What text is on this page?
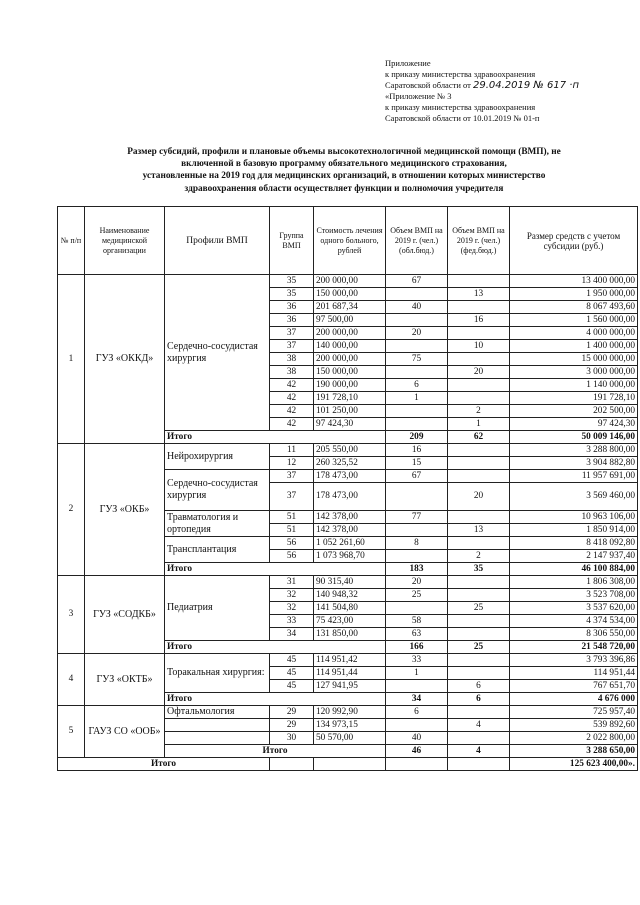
Приложение
к приказу министерства здравоохранения
Саратовской области от 29.04.2019 № 617 ·п
«Приложение № 3
к приказу министерства здравоохранения
Саратовской области от 10.01.2019 № 01-п
Размер субсидий, профили и плановые объемы высокотехнологичной медицинской помощи (ВМП), не
включенной в базовую программу обязательного медицинского страхования,
установленные на 2019 год для медицинских организаций, в отношении которых министерство
здравоохранения области осуществляет функции и полномочия учредителя
№ п/п	Наименование медицинской организации	Профили ВМП	Группа ВМП	Стоимость лечения одного больного, рублей	Объем ВМП на 2019 г. (чел.) (обл.бюд.)	Объем ВМП на 2019 г. (чел.) (фед.бюд.)	Размер средств с учетом субсидии (руб.)
1	ГУЗ «ОККД»	Сердечно-сосудистая хирургия	35	200 000,00	67		13 400 000,00
			35	150 000,00		13	1 950 000,00
			36	201 687,34	40		8 067 493,60
			36	97 500,00		16	1 560 000,00
			37	200 000,00	20		4 000 000,00
			37	140 000,00		10	1 400 000,00
			38	200 000,00	75		15 000 000,00
			38	150 000,00		20	3 000 000,00
			42	190 000,00	6		1 140 000,00
			42	191 728,10	1		191 728,10
			42	101 250,00		2	202 500,00
			42	97 424,30		1	97 424,30
		Итого			209	62	50 009 146,00
2	ГУЗ «ОКБ»	Нейрохирургия	11	205 550,00	16		3 288 800,00
			12	260 325,52	15		3 904 882,80
		Сердечно-сосудистая хирургия	37	178 473,00	67		11 957 691,00
			37	178 473,00		20	3 569 460,00
		Травматология и ортопедия	51	142 378,00	77		10 963 106,00
			51	142 378,00		13	1 850 914,00
		Трансплантация	56	1 052 261,60	8		8 418 092,80
			56	1 073 968,70		2	2 147 937,40
		Итого			183	35	46 100 884,00
3	ГУЗ «СОДКБ»	Педиатрия	31	90 315,40	20		1 806 308,00
			32	140 948,32	25		3 523 708,00
			32	141 504,80		25	3 537 620,00
			33	75 423,00	58		4 374 534,00
			34	131 850,00	63		8 306 550,00
		Итого			166	25	21 548 720,00
4	ГУЗ «ОКТБ»	Торакальная хирургия:	45	114 951,42	33		3 793 396,86
			45	114 951,44	1		114 951,44
			45	127 941,95		6	767 651,70
		Итого			34	6	4 676 000
5	ГАУЗ СО «ООБ»	Офтальмология	29	120 992,90	6		725 957,40
			29	134 973,15		4	539 892,60
			30	50 570,00	40		2 022 800,00
		Итого			46	4	3 288 650,00
Итого							125 623 400,00».
